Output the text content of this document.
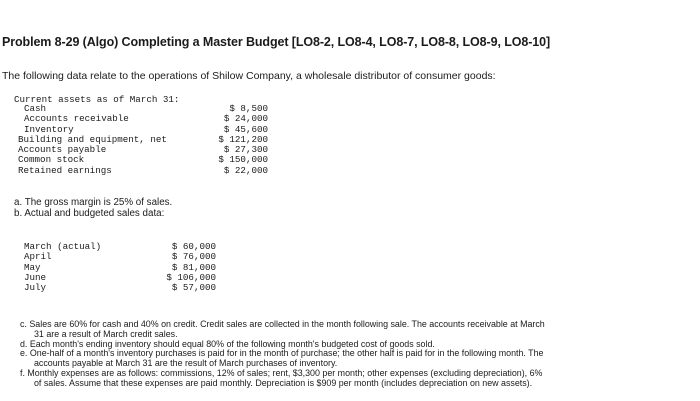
Problem 8-29 (Algo) Completing a Master Budget [LO8-2, LO8-4, LO8-7, LO8-8, LO8-9, LO8-10]
The following data relate to the operations of Shilow Company, a wholesale distributor of consumer goods:
Current assets as of March 31:
Cash
Accounts receivable
Inventory
Building and equipment, net
Accounts payable
Common stock
Retained earnings
$ 8,500
$ 24,000
$ 45,600
$ 121,200
$ 27,300
$ 150,000
$ 22,000
a. The gross margin is 25% of sales.
b. Actual and budgeted sales data:
March (actual)
April
May
June
July
$ 60,000
$ 76,000
$ 81,000
$ 106,000
$ 57,000
c. Sales are 60% for cash and 40% on credit. Credit sales are collected in the month following sale. The accounts receivable at March
31 are a result of March credit sales.
d. Each month's ending inventory should equal 80% of the following month's budgeted cost of goods sold.
e. One-half of a month's inventory purchases is paid for in the month of purchase; the other half is paid for in the following month. The
accounts payable at March 31 are the result of March purchases of inventory.
f. Monthly expenses are as follows: commissions, 12% of sales; rent, $3,300 per month; other expenses (excluding depreciation), 6%
of sales. Assume that these expenses are paid monthly. Depreciation is $909 per month (includes depreciation on new assets).
